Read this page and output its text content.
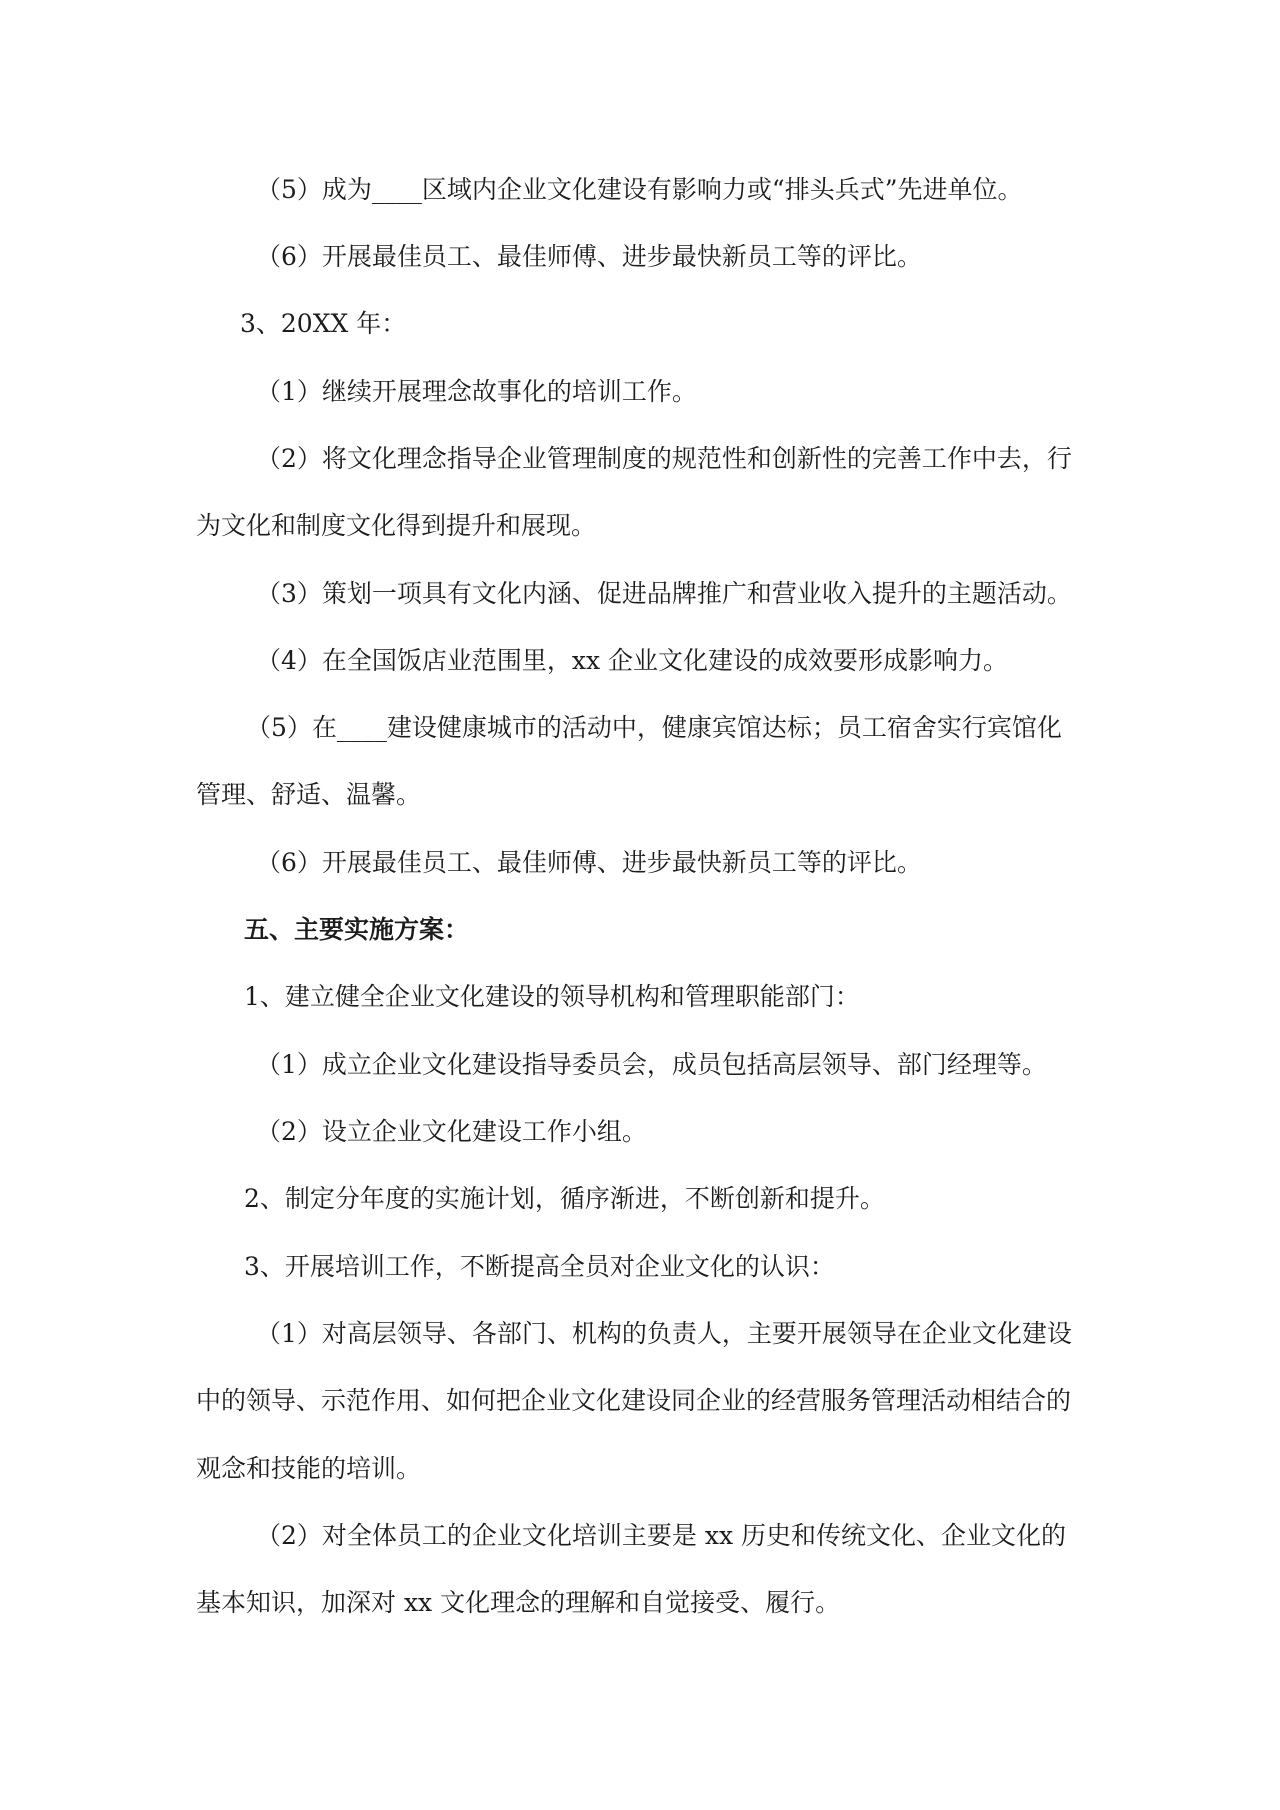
（5）成为____区域内企业文化建设有影响力或“排头兵式”先进单位。
（6）开展最佳员工、最佳师傅、进步最快新员工等的评比。
3、20XX 年：
（1）继续开展理念故事化的培训工作。
（2）将文化理念指导企业管理制度的规范性和创新性的完善工作中去，行
为文化和制度文化得到提升和展现。
（3）策划一项具有文化内涵、促进品牌推广和营业收入提升的主题活动。
（4）在全国饭店业范围里，xx 企业文化建设的成效要形成影响力。
（5）在____建设健康城市的活动中，健康宾馆达标；员工宿舍实行宾馆化
管理、舒适、温馨。
（6）开展最佳员工、最佳师傅、进步最快新员工等的评比。
五、主要实施方案：
1、建立健全企业文化建设的领导机构和管理职能部门：
（1）成立企业文化建设指导委员会，成员包括高层领导、部门经理等。
（2）设立企业文化建设工作小组。
2、制定分年度的实施计划，循序渐进，不断创新和提升。
3、开展培训工作，不断提高全员对企业文化的认识：
（1）对高层领导、各部门、机构的负责人，主要开展领导在企业文化建设
中的领导、示范作用、如何把企业文化建设同企业的经营服务管理活动相结合的
观念和技能的培训。
（2）对全体员工的企业文化培训主要是 xx 历史和传统文化、企业文化的
基本知识，加深对 xx 文化理念的理解和自觉接受、履行。
